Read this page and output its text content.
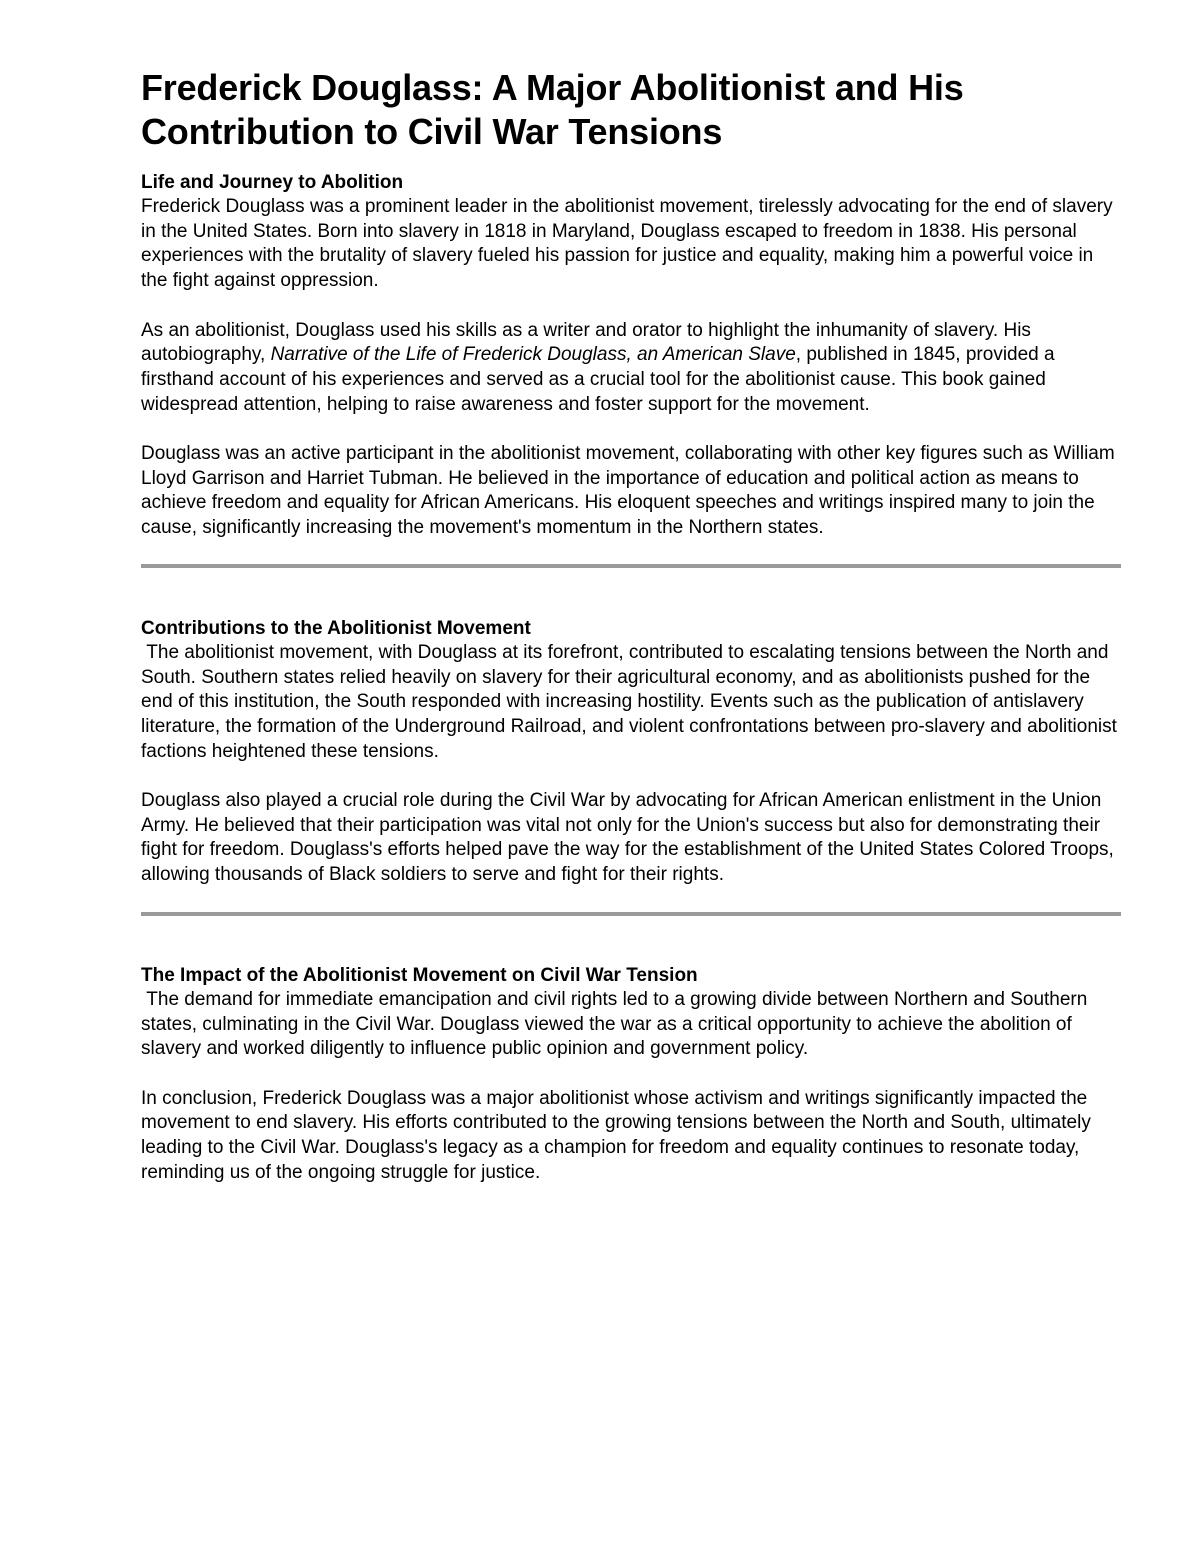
Frederick Douglass: A Major Abolitionist and His
Contribution to Civil War Tensions
Life and Journey to Abolition

Frederick Douglass was a prominent leader in the abolitionist movement, tirelessly advocating for the end of slavery in the United States. Born into slavery in 1818 in Maryland, Douglass escaped to freedom in 1838. His personal experiences with the brutality of slavery fueled his passion for justice and equality, making him a powerful voice in the fight against oppression.

As an abolitionist, Douglass used his skills as a writer and orator to highlight the inhumanity of slavery. His autobiography, Narrative of the Life of Frederick Douglass, an American Slave, published in 1845, provided a firsthand account of his experiences and served as a crucial tool for the abolitionist cause. This book gained widespread attention, helping to raise awareness and foster support for the movement.

Douglass was an active participant in the abolitionist movement, collaborating with other key figures such as William Lloyd Garrison and Harriet Tubman. He believed in the importance of education and political action as means to achieve freedom and equality for African Americans. His eloquent speeches and writings inspired many to join the cause, significantly increasing the movement's momentum in the Northern states.

Contributions to the Abolitionist Movement

The abolitionist movement, with Douglass at its forefront, contributed to escalating tensions between the North and South. Southern states relied heavily on slavery for their agricultural economy, and as abolitionists pushed for the end of this institution, the South responded with increasing hostility. Events such as the publication of antislavery literature, the formation of the Underground Railroad, and violent confrontations between pro-slavery and abolitionist factions heightened these tensions.

Douglass also played a crucial role during the Civil War by advocating for African American enlistment in the Union Army. He believed that their participation was vital not only for the Union's success but also for demonstrating their fight for freedom. Douglass's efforts helped pave the way for the establishment of the United States Colored Troops, allowing thousands of Black soldiers to serve and fight for their rights.

The Impact of the Abolitionist Movement on Civil War Tension

The demand for immediate emancipation and civil rights led to a growing divide between Northern and Southern states, culminating in the Civil War. Douglass viewed the war as a critical opportunity to achieve the abolition of slavery and worked diligently to influence public opinion and government policy.

In conclusion, Frederick Douglass was a major abolitionist whose activism and writings significantly impacted the movement to end slavery. His efforts contributed to the growing tensions between the North and South, ultimately leading to the Civil War. Douglass's legacy as a champion for freedom and equality continues to resonate today, reminding us of the ongoing struggle for justice.
